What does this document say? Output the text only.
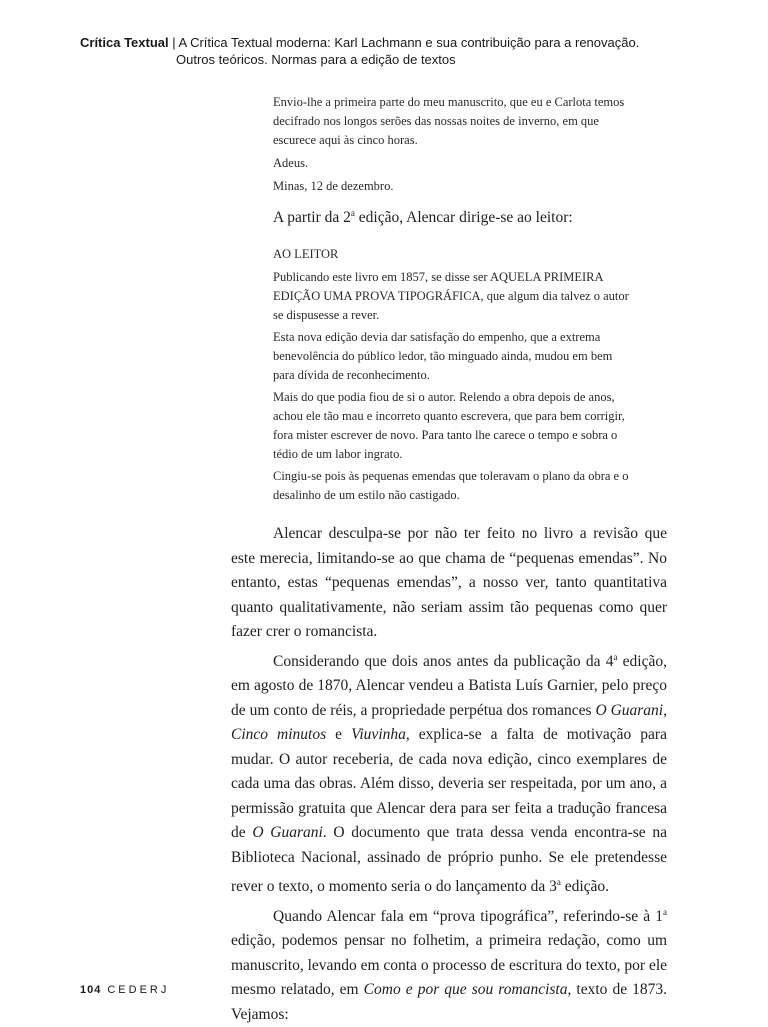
Crítica Textual | A Crítica Textual moderna: Karl Lachmann e sua contribuição para a renovação.
Outros teóricos. Normas para a edição de textos

Envio-lhe a primeira parte do meu manuscrito, que eu e Carlota temos decifrado nos longos serões das nossas noites de inverno, em que escurece aqui às cinco horas.

Adeus.

Minas, 12 de dezembro.

A partir da 2$^a$ edição, Alencar dirige-se ao leitor:

AO LEITOR

Publicando este livro em 1857, se disse ser AQUELA PRIMEIRA EDIÇÃO UMA PROVA TIPOGRÁFICA, que algum dia talvez o autor se dispusesse a rever.

Esta nova edição devia dar satisfação do empenho, que a extrema benevolência do público ledor, tão minguado ainda, mudou em bem para dívida de reconhecimento.

Mais do que podia fiou de si o autor. Relendo a obra depois de anos, achou ele tão mau e incorreto quanto escrevera, que para bem corrigir, fora mister escrever de novo. Para tanto lhe carece o tempo e sobra o tédio de um labor ingrato.

Cingiu-se pois às pequenas emendas que toleravam o plano da obra e o desalinho de um estilo não castigado.

Alencar desculpa-se por não ter feito no livro a revisão que este merecia, limitando-se ao que chama de “pequenas emendas”. No entanto, estas “pequenas emendas”, a nosso ver, tanto quantitativa quanto qualitativamente, não seriam assim tão pequenas como quer fazer crer o romancista.

Considerando que dois anos antes da publicação da 4$^a$ edição, em agosto de 1870, Alencar vendeu a Batista Luís Garnier, pelo preço de um conto de réis, a propriedade perpétua dos romances O Guarani, Cinco minutos e Viuvinha, explica-se a falta de motivação para mudar. O autor receberia, de cada nova edição, cinco exemplares de cada uma das obras. Além disso, deveria ser respeitada, por um ano, a permissão gratuita que Alencar dera para ser feita a tradução francesa de O Guarani. O documento que trata dessa venda encontra-se na Biblioteca Nacional, assinado de próprio punho. Se ele pretendesse rever o texto, o momento seria o do lançamento da 3$^a$ edição.

Quando Alencar fala em “prova tipográfica”, referindo-se à 1$^a$ edição, podemos pensar no folhetim, a primeira redação, como um manuscrito, levando em conta o processo de escritura do texto, por ele mesmo relatado, em Como e por que sou romancista, texto de 1873. Vejamos:

104 CEDERJ
